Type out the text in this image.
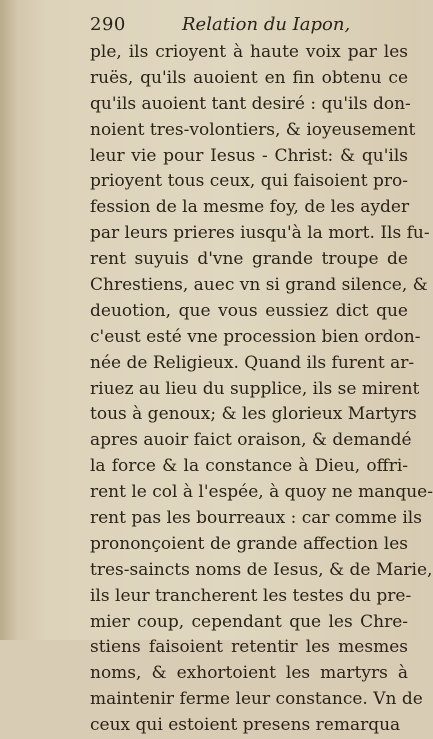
290	Relation du Iapon,
ple, ils crioyent à haute voix par les
ruës, qu'ils auoient en fin obtenu ce
qu'ils auoient tant desiré : qu'ils don-
noient tres-volontiers, & ioyeusement
leur vie pour Iesus - Christ: & qu'ils
prioyent tous ceux, qui faisoient pro-
fession de la mesme foy, de les ayder
par leurs prieres iusqu'à la mort. Ils fu-
rent suyuis d'vne grande troupe de
Chrestiens, auec vn si grand silence, &
deuotion, que vous eussiez dict que
c'eust esté vne procession bien ordon-
née de Religieux. Quand ils furent ar-
riuez au lieu du supplice, ils se mirent
tous à genoux; & les glorieux Martyrs
apres auoir faict oraison, & demandé
la force & la constance à Dieu, offri-
rent le col à l'espée, à quoy ne manque-
rent pas les bourreaux : car comme ils
prononçoient de grande affection les
tres-saincts noms de Iesus, & de Marie,
ils leur trancherent les testes du pre-
mier coup, cependant que les Chre-
stiens faisoient retentir les mesmes
noms, & exhortoient les martyrs à
maintenir ferme leur constance. Vn de
ceux qui estoient presens remarqua
